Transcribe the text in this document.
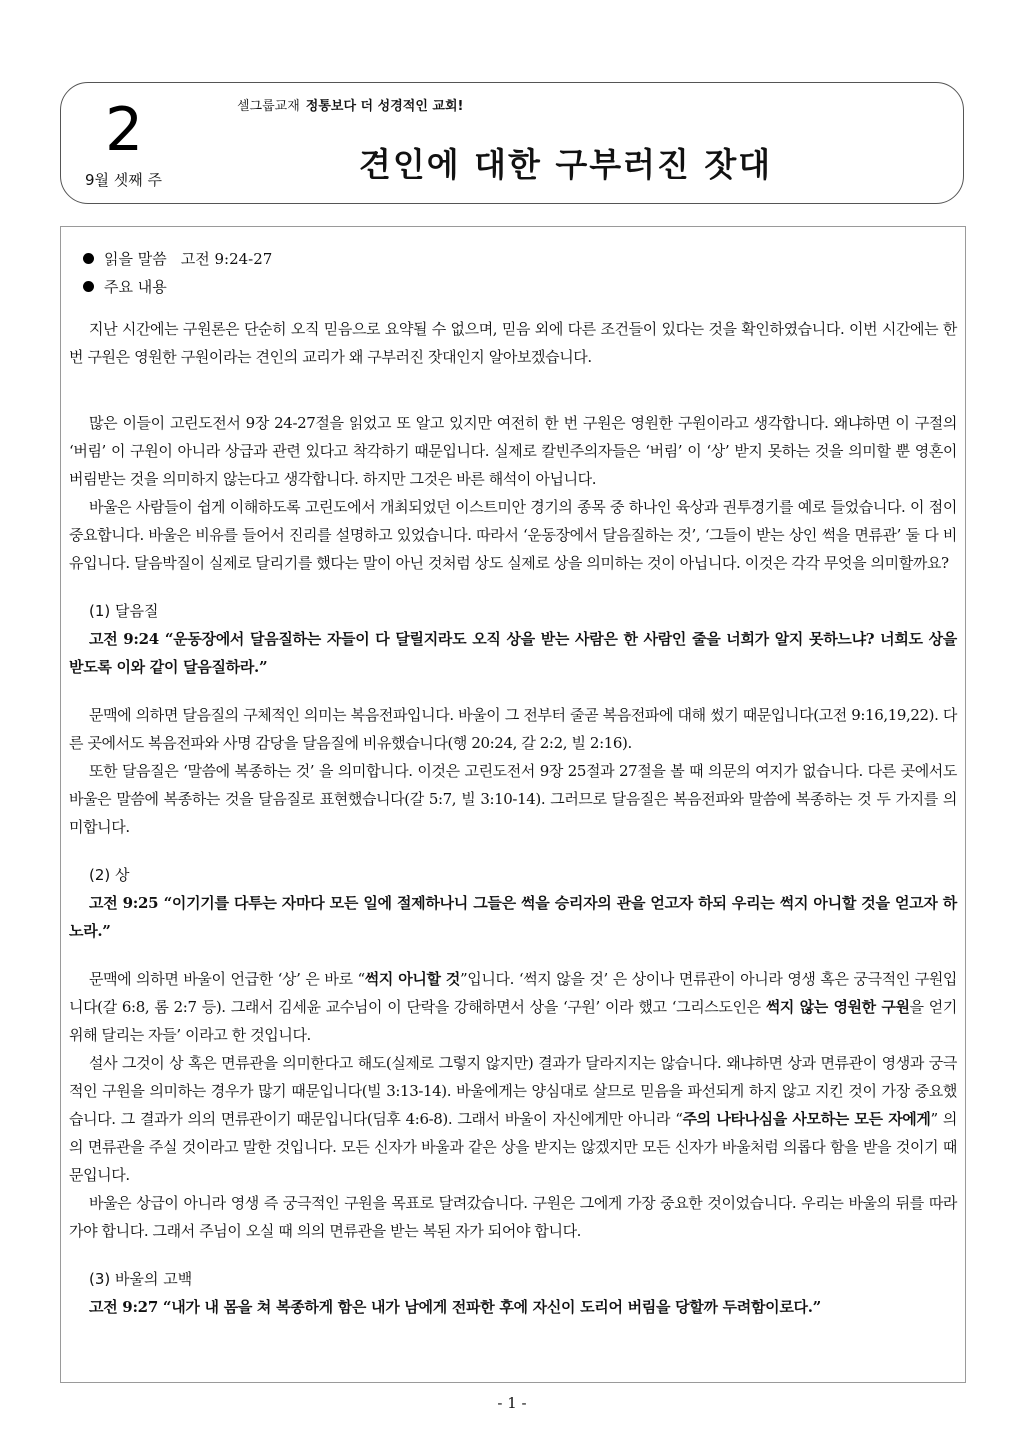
2
9월 셋째 주
셀그룹교재 정통보다 더 성경적인 교회!
견인에 대한 구부러진 잣대
읽을 말씀 고전 9:24-27
주요 내용

지난 시간에는 구원론은 단순히 오직 믿음으로 요약될 수 없으며, 믿음 외에 다른 조건들이 있다는 것을 확인하였습니다. 이번 시간에는 한 번 구원은 영원한 구원이라는 견인의 교리가 왜 구부러진 잣대인지 알아보겠습니다.

많은 이들이 고린도전서 9장 24-27절을 읽었고 또 알고 있지만 여전히 한 번 구원은 영원한 구원이라고 생각합니다. 왜냐하면 이 구절의 ‘버림’ 이 구원이 아니라 상급과 관련 있다고 착각하기 때문입니다. 실제로 칼빈주의자들은 ‘버림’ 이 ‘상’ 받지 못하는 것을 의미할 뿐 영혼이 버림받는 것을 의미하지 않는다고 생각합니다. 하지만 그것은 바른 해석이 아닙니다.

바울은 사람들이 쉽게 이해하도록 고린도에서 개최되었던 이스트미안 경기의 종목 중 하나인 육상과 권투경기를 예로 들었습니다. 이 점이 중요합니다. 바울은 비유를 들어서 진리를 설명하고 있었습니다. 따라서 ‘운동장에서 달음질하는 것’, ‘그들이 받는 상인 썩을 면류관’ 둘 다 비유입니다. 달음박질이 실제로 달리기를 했다는 말이 아닌 것처럼 상도 실제로 상을 의미하는 것이 아닙니다. 이것은 각각 무엇을 의미할까요?

(1) 달음질

고전 9:24 “운동장에서 달음질하는 자들이 다 달릴지라도 오직 상을 받는 사람은 한 사람인 줄을 너희가 알지 못하느냐? 너희도 상을 받도록 이와 같이 달음질하라.”

문맥에 의하면 달음질의 구체적인 의미는 복음전파입니다. 바울이 그 전부터 줄곧 복음전파에 대해 썼기 때문입니다(고전 9:16,19,22). 다른 곳에서도 복음전파와 사명 감당을 달음질에 비유했습니다(행 20:24, 갈 2:2, 빌 2:16).

또한 달음질은 ‘말씀에 복종하는 것’ 을 의미합니다. 이것은 고린도전서 9장 25절과 27절을 볼 때 의문의 여지가 없습니다. 다른 곳에서도 바울은 말씀에 복종하는 것을 달음질로 표현했습니다(갈 5:7, 빌 3:10-14). 그러므로 달음질은 복음전파와 말씀에 복종하는 것 두 가지를 의미합니다.

(2) 상

고전 9:25 “이기기를 다투는 자마다 모든 일에 절제하나니 그들은 썩을 승리자의 관을 얻고자 하되 우리는 썩지 아니할 것을 얻고자 하노라.”

문맥에 의하면 바울이 언급한 ‘상’ 은 바로 “썩지 아니할 것”입니다. ‘썩지 않을 것’ 은 상이나 면류관이 아니라 영생 혹은 궁극적인 구원입니다(갈 6:8, 롬 2:7 등). 그래서 김세윤 교수님이 이 단락을 강해하면서 상을 ‘구원’ 이라 했고 ‘그리스도인은 썩지 않는 영원한 구원을 얻기 위해 달리는 자들’ 이라고 한 것입니다.

설사 그것이 상 혹은 면류관을 의미한다고 해도(실제로 그렇지 않지만) 결과가 달라지지는 않습니다. 왜냐하면 상과 면류관이 영생과 궁극적인 구원을 의미하는 경우가 많기 때문입니다(빌 3:13-14). 바울에게는 양심대로 살므로 믿음을 파선되게 하지 않고 지킨 것이 가장 중요했습니다. 그 결과가 의의 면류관이기 때문입니다(딤후 4:6-8). 그래서 바울이 자신에게만 아니라 “주의 나타나심을 사모하는 모든 자에게” 의의 면류관을 주실 것이라고 말한 것입니다. 모든 신자가 바울과 같은 상을 받지는 않겠지만 모든 신자가 바울처럼 의롭다 함을 받을 것이기 때문입니다.

바울은 상급이 아니라 영생 즉 궁극적인 구원을 목표로 달려갔습니다. 구원은 그에게 가장 중요한 것이었습니다. 우리는 바울의 뒤를 따라가야 합니다. 그래서 주님이 오실 때 의의 면류관을 받는 복된 자가 되어야 합니다.

(3) 바울의 고백

고전 9:27 “내가 내 몸을 쳐 복종하게 함은 내가 남에게 전파한 후에 자신이 도리어 버림을 당할까 두려함이로다.”

- 1 -
